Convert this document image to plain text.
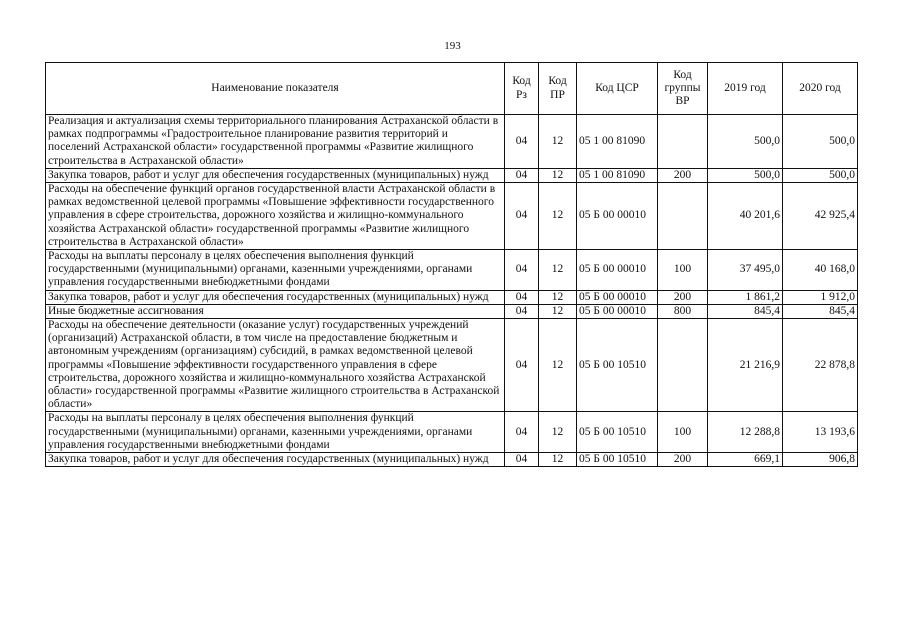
193
Наименование показателя	Код Рз	Код ПР	Код ЦСР	Код группы ВР	2019 год	2020 год
Реализация и актуализация схемы территориального планирования Астраханской области в рамках подпрограммы «Градостроительное планирование развития территорий и поселений Астраханской области» государственной программы «Развитие жилищного строительства в Астраханской области»	04	12	05 1 00 81090		500,0	500,0
Закупка товаров, работ и услуг для обеспечения государственных (муниципальных) нужд	04	12	05 1 00 81090	200	500,0	500,0
Расходы на обеспечение функций органов государственной власти Астраханской области в рамках ведомственной целевой программы «Повышение эффективности государственного управления в сфере строительства, дорожного хозяйства и жилищно-коммунального хозяйства Астраханской области» государственной программы «Развитие жилищного строительства в Астраханской области»	04	12	05 Б 00 00010		40 201,6	42 925,4
Расходы на выплаты персоналу в целях обеспечения выполнения функций государственными (муниципальными) органами, казенными учреждениями, органами управления государственными внебюджетными фондами	04	12	05 Б 00 00010	100	37 495,0	40 168,0
Закупка товаров, работ и услуг для обеспечения государственных (муниципальных) нужд	04	12	05 Б 00 00010	200	1 861,2	1 912,0
Иные бюджетные ассигнования	04	12	05 Б 00 00010	800	845,4	845,4
Расходы на обеспечение деятельности (оказание услуг) государственных учреждений (организаций) Астраханской области, в том числе на предоставление бюджетным и автономным учреждениям (организациям) субсидий, в рамках ведомственной целевой программы «Повышение эффективности государственного управления в сфере строительства, дорожного хозяйства и жилищно-коммунального хозяйства Астраханской области» государственной программы «Развитие жилищного строительства в Астраханской области»	04	12	05 Б 00 10510		21 216,9	22 878,8
Расходы на выплаты персоналу в целях обеспечения выполнения функций государственными (муниципальными) органами, казенными учреждениями, органами управления государственными внебюджетными фондами	04	12	05 Б 00 10510	100	12 288,8	13 193,6
Закупка товаров, работ и услуг для обеспечения государственных (муниципальных) нужд	04	12	05 Б 00 10510	200	669,1	906,8
